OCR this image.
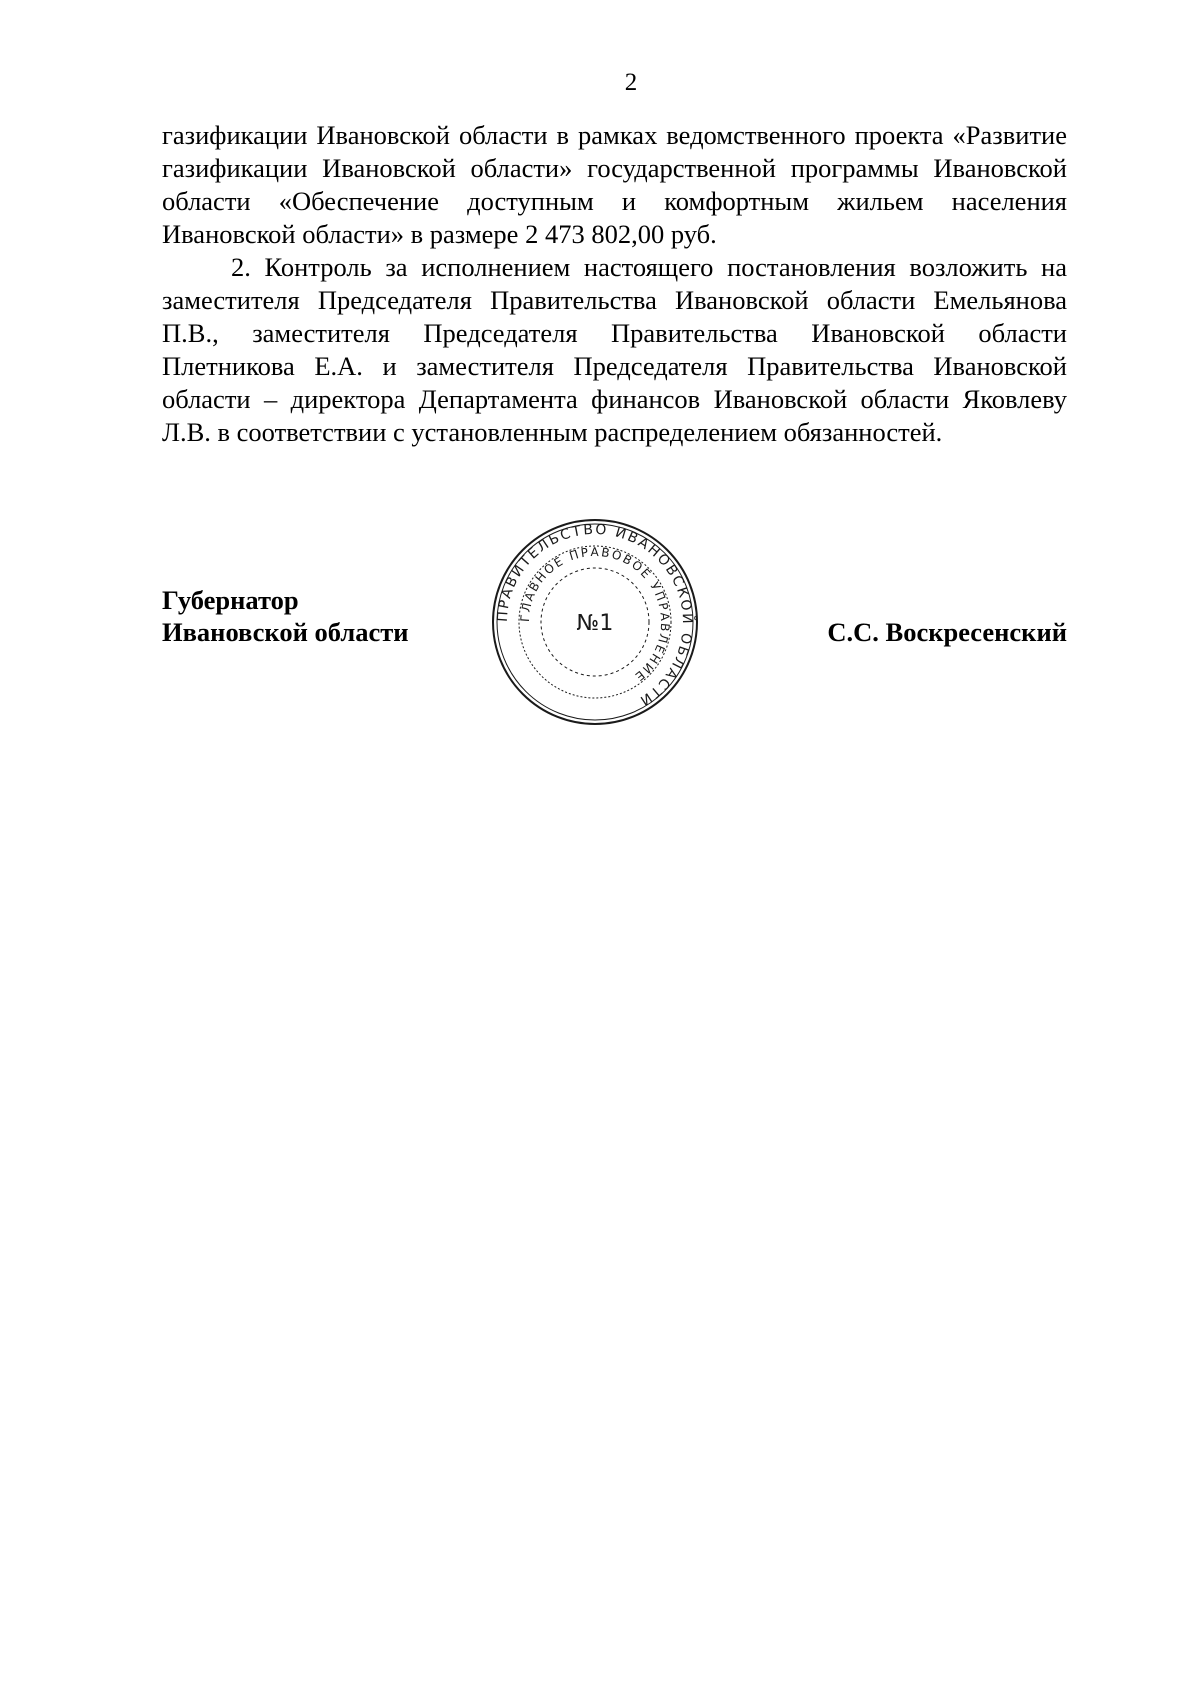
2

газификации Ивановской области в рамках ведомственного проекта «Развитие газификации Ивановской области» государственной программы Ивановской области «Обеспечение доступным и комфортным жильем населения Ивановской области» в размере 2 473 802,00 руб.

2. Контроль за исполнением настоящего постановления возложить на заместителя Председателя Правительства Ивановской области Емельянова П.В., заместителя Председателя Правительства Ивановской области Плетникова Е.А. и заместителя Председателя Правительства Ивановской области – директора Департамента финансов Ивановской области Яковлеву Л.В. в соответствии с установленным распределением обязанностей.

Губернатор
Ивановской области
ПРАВИТЕЛЬСТВО ИВАНОВСКОЙ ОБЛАСТИ
ГЛАВНОЕ ПРАВОВОЕ УПРАВЛЕНИЕ
№1	С.С. Воскресенский
